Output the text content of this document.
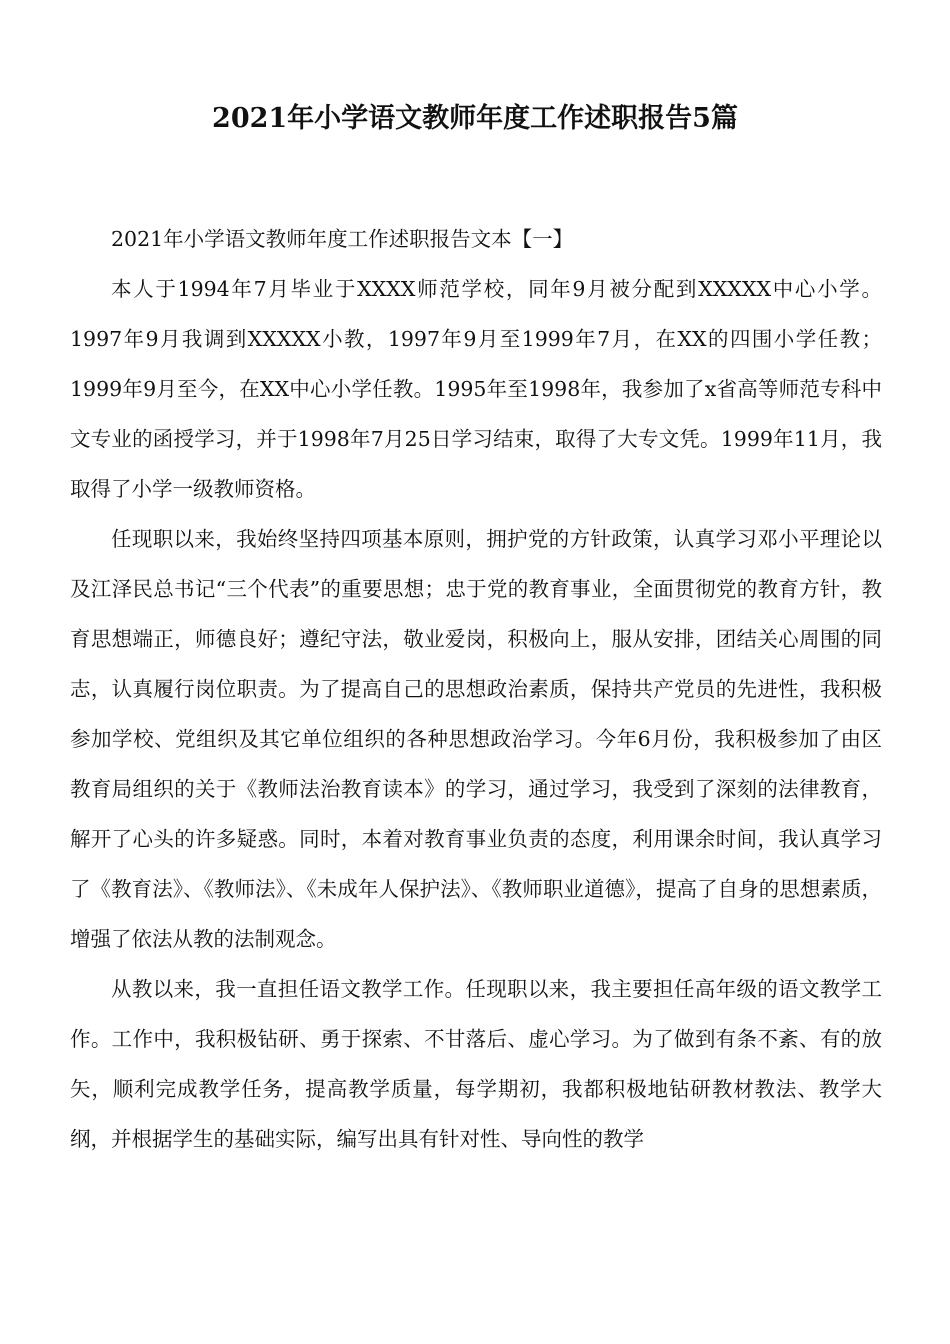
2021年小学语文教师年度工作述职报告5篇

2021年小学语文教师年度工作述职报告文本【一】

本人于1994年7月毕业于XXXX师范学校，同年9月被分配到XXXXX中心小学。1997年9月我调到XXXXX小教，1997年9月至1999年7月，在XX的四围小学任教；1999年9月至今，在XX中心小学任教。1995年至1998年，我参加了x省高等师范专科中文专业的函授学习，并于1998年7月25日学习结束，取得了大专文凭。1999年11月，我取得了小学一级教师资格。

任现职以来，我始终坚持四项基本原则，拥护党的方针政策，认真学习邓小平理论以及江泽民总书记“三个代表”的重要思想；忠于党的教育事业，全面贯彻党的教育方针，教育思想端正，师德良好；遵纪守法，敬业爱岗，积极向上，服从安排，团结关心周围的同志，认真履行岗位职责。为了提高自己的思想政治素质，保持共产党员的先进性，我积极参加学校、党组织及其它单位组织的各种思想政治学习。今年6月份，我积极参加了由区教育局组织的关于《教师法治教育读本》的学习，通过学习，我受到了深刻的法律教育，解开了心头的许多疑惑。同时，本着对教育事业负责的态度，利用课余时间，我认真学习了《教育法》、《教师法》、《未成年人保护法》、《教师职业道德》，提高了自身的思想素质，增强了依法从教的法制观念。

从教以来，我一直担任语文教学工作。任现职以来，我主要担任高年级的语文教学工作。工作中，我积极钻研、勇于探索、不甘落后、虚心学习。为了做到有条不紊、有的放矢，顺利完成教学任务，提高教学质量，每学期初，我都积极地钻研教材教法、教学大纲，并根据学生的基础实际，编写出具有针对性、导向性的教学
